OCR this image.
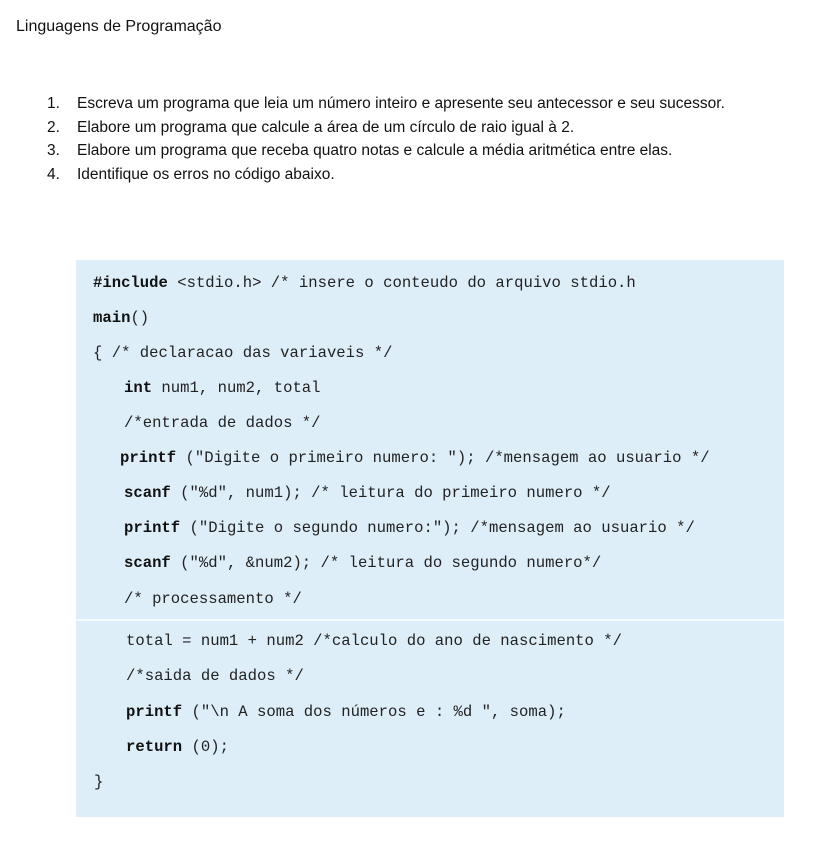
Linguagens de Programação
1. Escreva um programa que leia um número inteiro e apresente seu antecessor e seu sucessor.
2. Elabore um programa que calcule a área de um círculo de raio igual à 2.
3. Elabore um programa que receba quatro notas e calcule a média aritmética entre elas.
4. Identifique os erros no código abaixo.
#include <stdio.h> /* insere o conteudo do arquivo stdio.h
main()
{ /* declaracao das variaveis */
int num1, num2, total
/*entrada de dados */
printf ("Digite o primeiro numero: "); /*mensagem ao usuario */
scanf ("%d", num1); /* leitura do primeiro numero */
printf ("Digite o segundo numero:"); /*mensagem ao usuario */
scanf ("%d", &num2); /* leitura do segundo numero*/
/* processamento */
total = num1 + num2 /*calculo do ano de nascimento */
/*saida de dados */
printf ("\n A soma dos números e : %d ", soma);
return (0);
}
